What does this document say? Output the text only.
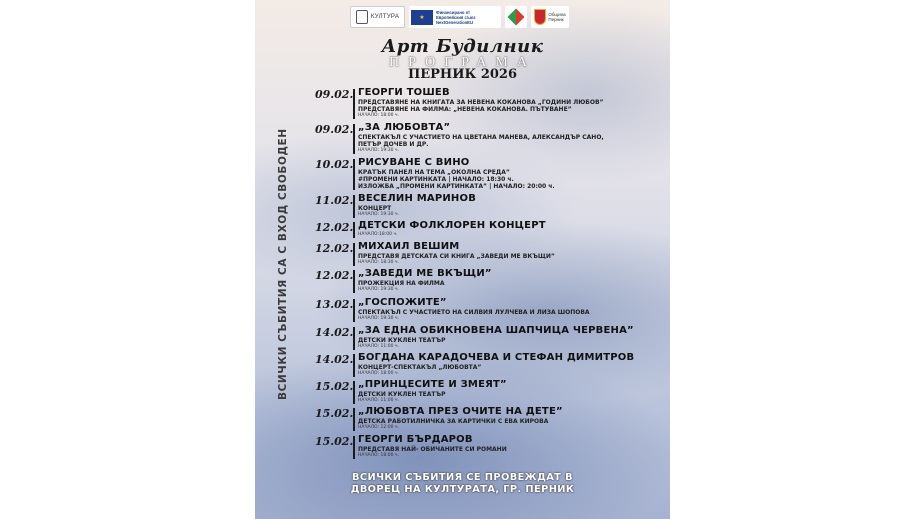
КУЛТУРА	★
Финансирано от
Европейския съюз
NextGenerationEU
Община
Перник
Арт Будилник
ПРОГРАМА
ПЕРНИК 2026
ВСИЧКИ СЪБИТИЯ СА С ВХОД СВОБОДЕН
09.02. ГЕОРГИ ТОШЕВ
ПРЕДСТАВЯНЕ НА КНИГАТА ЗА НЕВЕНА КОКАНОВА „ГОДИНИ ЛЮБОВ”
ПРЕДСТАВЯНЕ НА ФИЛМА: „НЕВЕНА КОКАНОВА. ПЪТУВАНЕ”
НАЧАЛО: 18:00 ч.
09.02. „ЗА ЛЮБОВТА”
СПЕКТАКЪЛ С УЧАСТИЕТО НА ЦВЕТАНА МАНЕВА, АЛЕКСАНДЪР САНО,
ПЕТЪР ДОЧЕВ И ДР.
НАЧАЛО: 19:30 ч.
10.02. РИСУВАНЕ С ВИНО
КРАТЪК ПАНЕЛ НА ТЕМА „ОКОЛНА СРЕДА”
#ПРОМЕНИ КАРТИНКАТА | НАЧАЛО: 18:30 ч.
ИЗЛОЖБА „ПРОМЕНИ КАРТИНКАТА” | НАЧАЛО: 20:00 ч.
11.02. ВЕСЕЛИН МАРИНОВ
КОНЦЕРТ
НАЧАЛО: 19:30 ч.
12.02. ДЕТСКИ ФОЛКЛОРЕН КОНЦЕРТ
НАЧАЛО:18:00 ч.
12.02. МИХАИЛ ВЕШИМ
ПРЕДСТАВЯ ДЕТСКАТА СИ КНИГА „ЗАВЕДИ МЕ ВКЪЩИ”
НАЧАЛО: 18:30 ч.
12.02. „ЗАВЕДИ МЕ ВКЪЩИ”
ПРОЖЕКЦИЯ НА ФИЛМА
НАЧАЛО: 19:30 ч.
13.02. „ГОСПОЖИТЕ”
СПЕКТАКЪЛ С УЧАСТИЕТО НА СИЛВИЯ ЛУЛЧЕВА И ЛИЗА ШОПОВА
НАЧАЛО: 19:30 ч.
14.02. „ЗА ЕДНА ОБИКНОВЕНА ШАПЧИЦА ЧЕРВЕНА”
ДЕТСКИ КУКЛЕН ТЕАТЪР
НАЧАЛО: 11:00 ч.
14.02. БОГДАНА КАРАДОЧЕВА И СТЕФАН ДИМИТРОВ
КОНЦЕРТ-СПЕКТАКЪЛ „ЛЮБОВТА”
НАЧАЛО: 18:00 ч.
15.02. „ПРИНЦЕСИТЕ И ЗМЕЯТ”
ДЕТСКИ КУКЛЕН ТЕАТЪР
НАЧАЛО: 11:00 ч.
15.02. „ЛЮБОВТА ПРЕЗ ОЧИТЕ НА ДЕТЕ”
ДЕТСКА РАБОТИЛНИЧКА ЗА КАРТИЧКИ С ЕВА КИРОВА
НАЧАЛО: 12:00 ч.
15.02. ГЕОРГИ БЪРДАРОВ
ПРЕДСТАВЯ НАЙ- ОБИЧАНИТЕ СИ РОМАНИ
НАЧАЛО: 18:00 ч.
ВСИЧКИ СЪБИТИЯ СЕ ПРОВЕЖДАТ В
ДВОРЕЦ НА КУЛТУРАТА, ГР. ПЕРНИК
